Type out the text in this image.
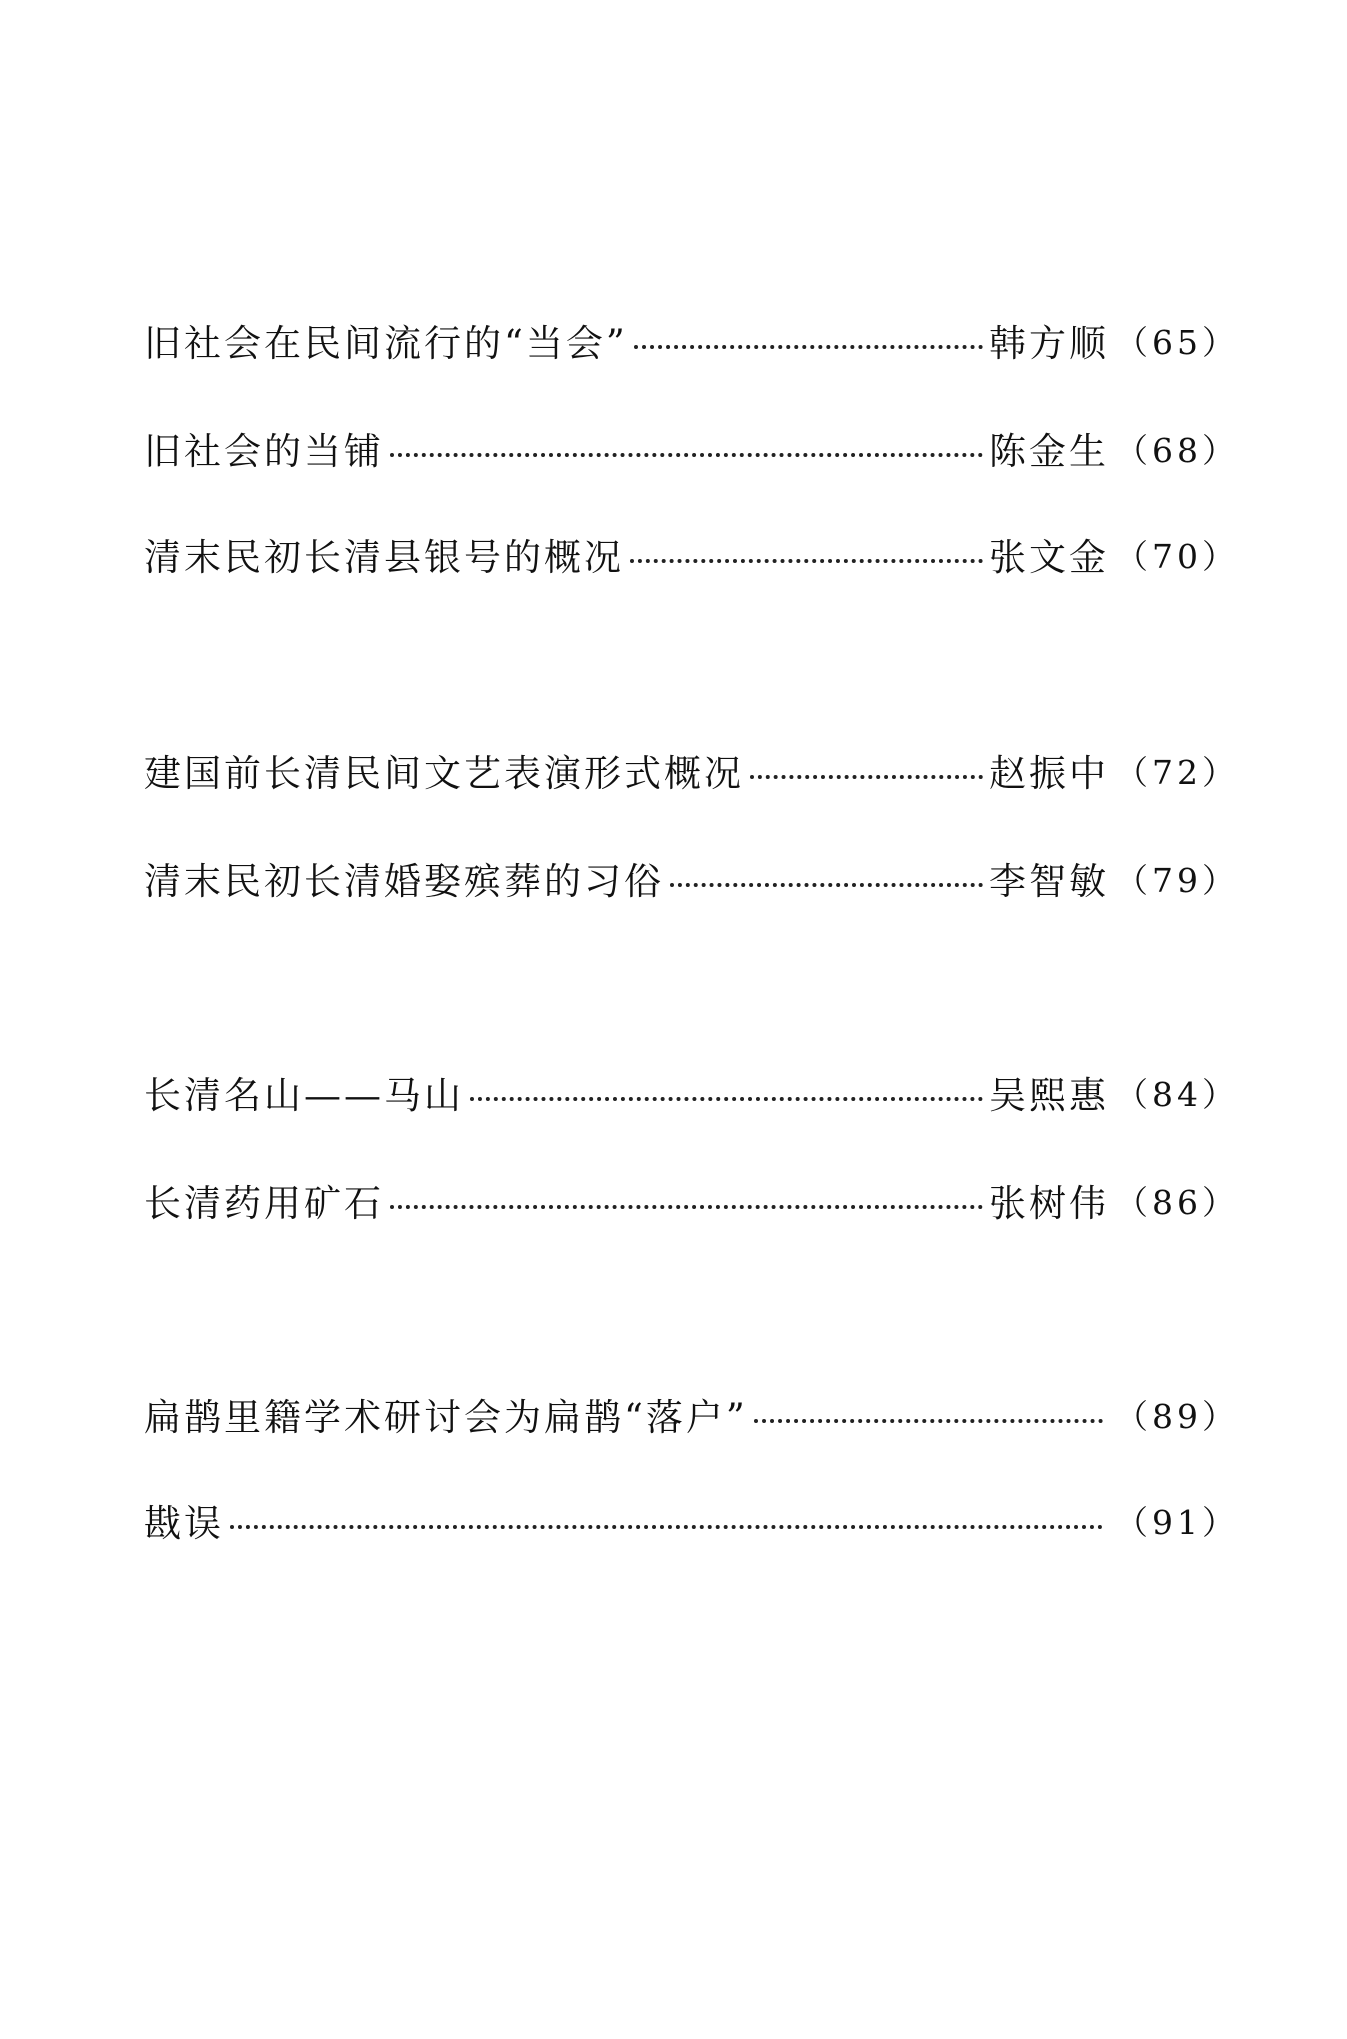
旧社会在民间流行的“当会”	韩方顺 （65）
旧社会的当铺	陈金生 （68）
清末民初长清县银号的概况	张文金 （70）
建国前长清民间文艺表演形式概况	赵振中 （72）
清末民初长清婚娶殡葬的习俗	李智敏 （79）
长清名山——马山	吴熙惠 （84）
长清药用矿石	张树伟 （86）
扁鹊里籍学术研讨会为扁鹊“落户”	（89）
戡误	（91）
